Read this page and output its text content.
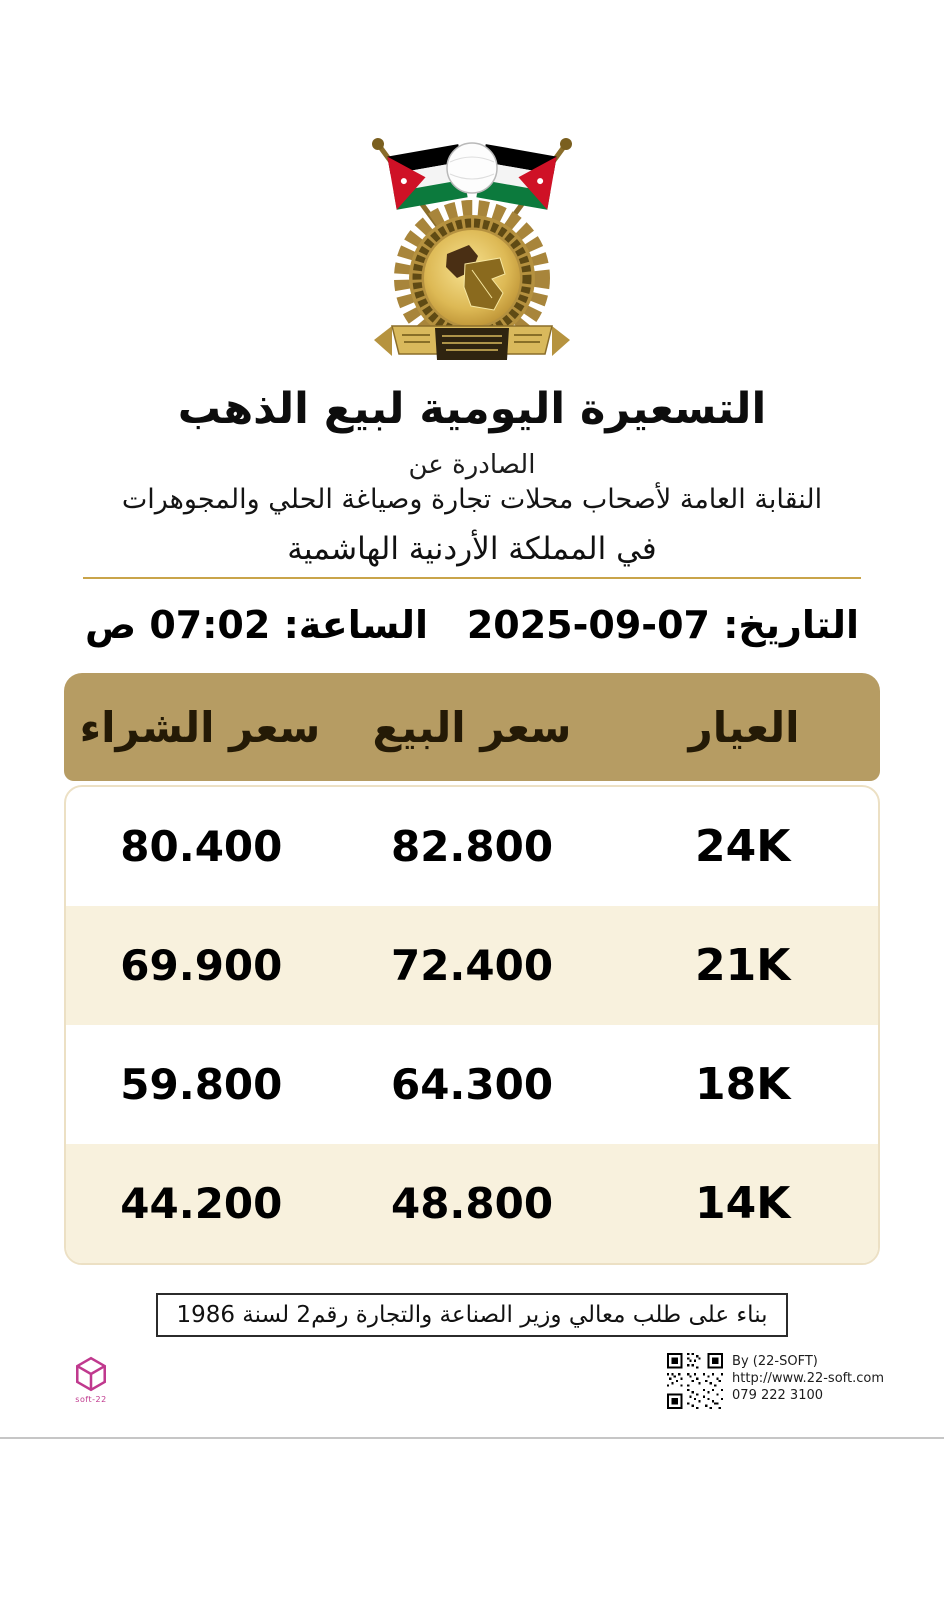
التسعيرة اليومية لبيع الذهب
الصادرة عن
النقابة العامة لأصحاب محلات تجارة وصياغة الحلي والمجوهرات
في المملكة الأردنية الهاشمية
التاريخ: 07-09-2025
الساعة: 07:02 ص
العيار
سعر البيع
سعر الشراء
24K
82.800
80.400
21K
72.400
69.900
18K
64.300
59.800
14K
48.800
44.200
بناء على طلب معالي وزير الصناعة والتجارة رقم2 لسنة 1986
By (22-SOFT)
http://www.22-soft.com
079 222 3100
22-soft
